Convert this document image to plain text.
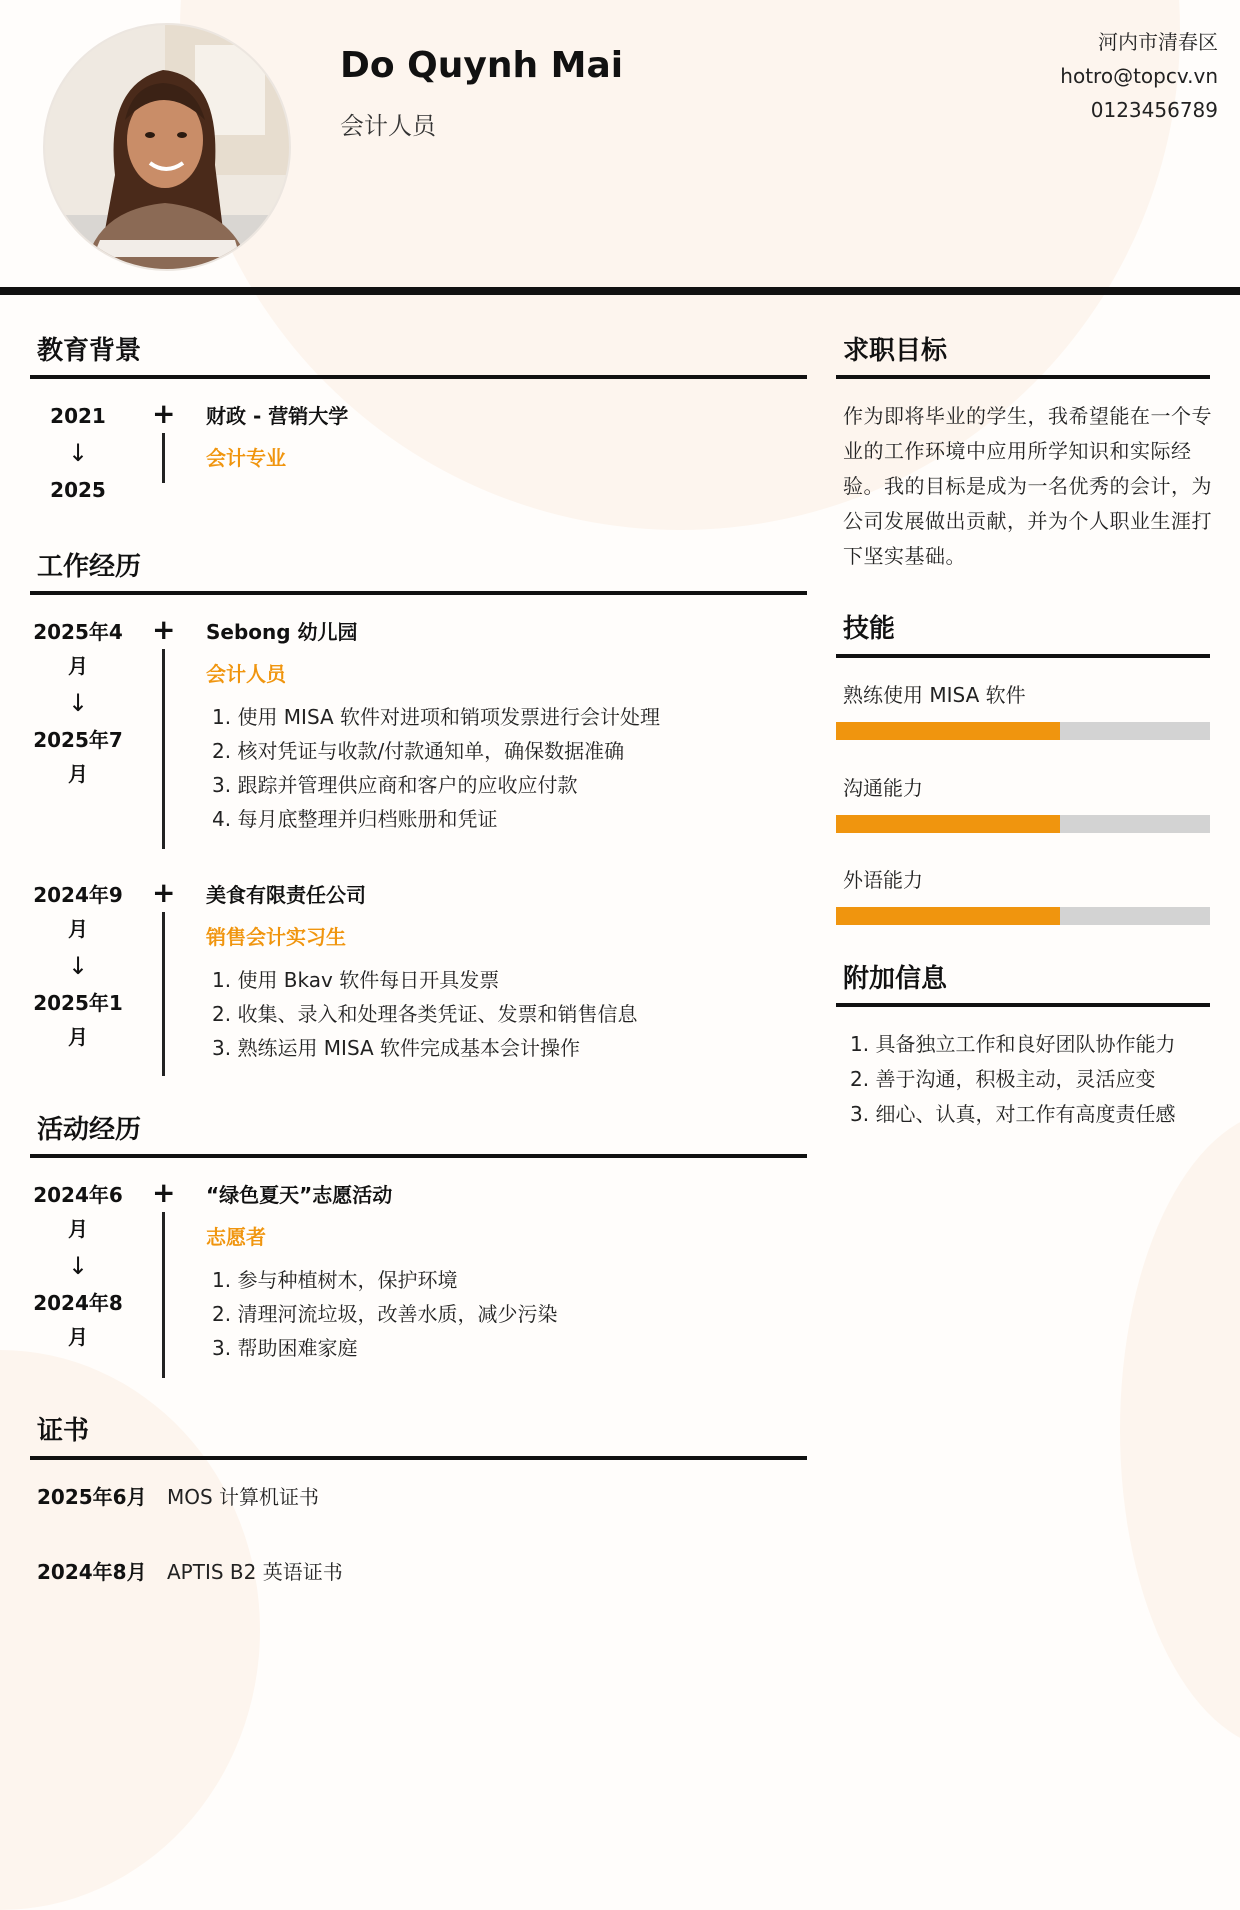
Do Quynh Mai
会计人员
河内市清春区
hotro@topcv.vn
0123456789
教育背景
2021
↓
2025
+ 财政 - 营销大学
会计专业
工作经历
2025年4
月
↓
2025年7
月
+ Sebong 幼儿园
会计人员
1. 使用 MISA 软件对进项和销项发票进行会计处理
2. 核对凭证与收款/付款通知单，确保数据准确
3. 跟踪并管理供应商和客户的应收应付款
4. 每月底整理并归档账册和凭证
2024年9
月
↓
2025年1
月
+ 美食有限责任公司
销售会计实习生
1. 使用 Bkav 软件每日开具发票
2. 收集、录入和处理各类凭证、发票和销售信息
3. 熟练运用 MISA 软件完成基本会计操作
活动经历
2024年6
月
↓
2024年8
月
+ “绿色夏天”志愿活动
志愿者
1. 参与种植树木，保护环境
2. 清理河流垃圾，改善水质，减少污染
3. 帮助困难家庭
证书
2025年6月 MOS 计算机证书
2024年8月 APTIS B2 英语证书
求职目标
作为即将毕业的学生，我希望能在一个专业的工作环境中应用所学知识和实际经验。我的目标是成为一名优秀的会计，为公司发展做出贡献，并为个人职业生涯打下坚实基础。
技能
熟练使用 MISA 软件
沟通能力
外语能力
附加信息
1. 具备独立工作和良好团队协作能力
2. 善于沟通，积极主动，灵活应变
3. 细心、认真，对工作有高度责任感
